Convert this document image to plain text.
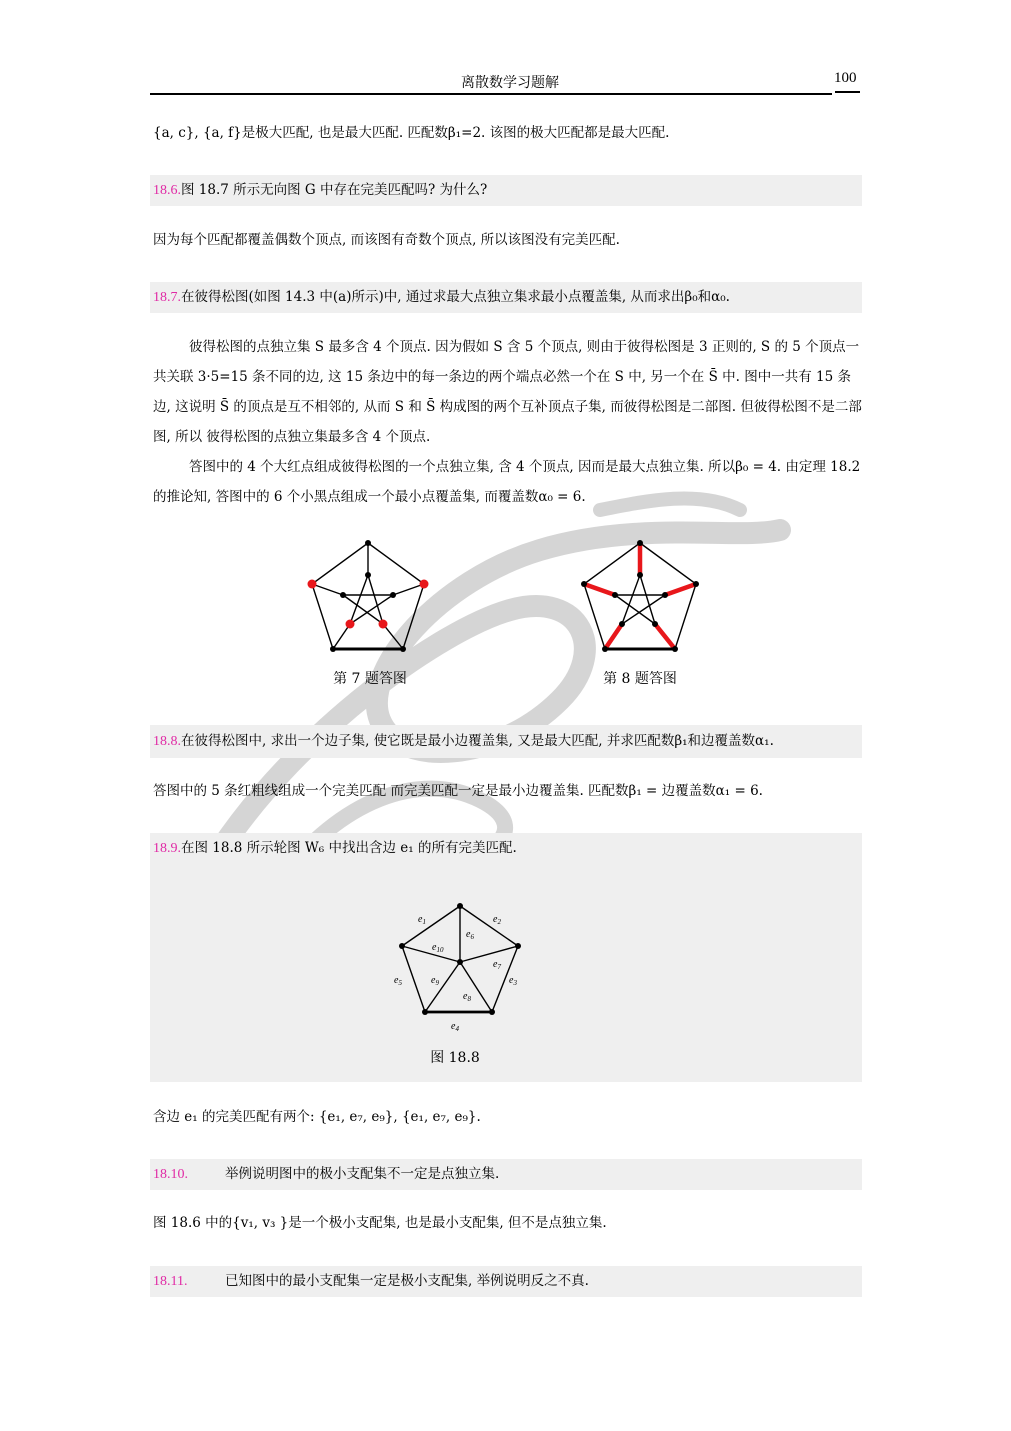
离散数学习题解	100
{a, c}, {a, f}是极大匹配, 也是最大匹配. 匹配数β₁=2. 该图的极大匹配都是最大匹配.
18.6.图 18.7 所示无向图 G 中存在完美匹配吗? 为什么?
因为每个匹配都覆盖偶数个顶点, 而该图有奇数个顶点, 所以该图没有完美匹配.
18.7.在彼得松图(如图 14.3 中(a)所示)中, 通过求最大点独立集求最小点覆盖集, 从而求出β₀和α₀.
彼得松图的点独立集 S 最多含 4 个顶点. 因为假如 S 含 5 个顶点, 则由于彼得松图是 3 正则的, S 的 5 个顶点一共关联 3·5=15 条不同的边, 这 15 条边中的每一条边的两个端点必然一个在 S 中, 另一个在 S̄ 中. 图中一共有 15 条边, 这说明 S̄ 的顶点是互不相邻的, 从而 S 和 S̄ 构成图的两个互补顶点子集, 而彼得松图是二部图. 但彼得松图不是二部图, 所以 彼得松图的点独立集最多含 4 个顶点.
答图中的 4 个大红点组成彼得松图的一个点独立集, 含 4 个顶点, 因而是最大点独立集. 所以β₀ = 4. 由定理 18.2 的推论知, 答图中的 6 个小黑点组成一个最小点覆盖集, 而覆盖数α₀ = 6.
第 7 题答图	第 8 题答图
18.8.在彼得松图中, 求出一个边子集, 使它既是最小边覆盖集, 又是最大匹配, 并求匹配数β₁和边覆盖数α₁.
答图中的 5 条红粗线组成一个完美匹配 而完美匹配一定是最小边覆盖集. 匹配数β₁ = 边覆盖数α₁ = 6.
18.9.在图 18.8 所示轮图 W₆ 中找出含边 e₁ 的所有完美匹配.
$e_1$	$e_2$
$e_3$
$e_4$
$e_5$
$e_6$
$e_7$
$e_8$
$e_9$
$e_{10}$
图 18.8
含边 e₁ 的完美匹配有两个: {e₁, e₇, e₉}, {e₁, e₇, e₉}.
18.10.	举例说明图中的极小支配集不一定是点独立集.
图 18.6 中的{v₁, v₃ }是一个极小支配集, 也是最小支配集, 但不是点独立集.
18.11.	已知图中的最小支配集一定是极小支配集, 举例说明反之不真.
